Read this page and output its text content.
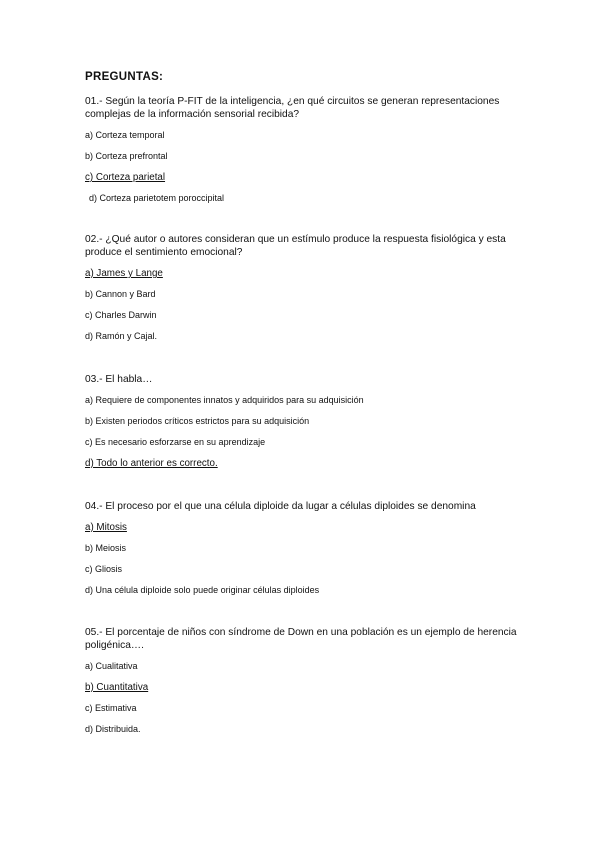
PREGUNTAS:

01.- Según la teoría P-FIT de la inteligencia, ¿en qué circuitos se generan representaciones complejas de la información sensorial recibida?

a) Corteza temporal
b) Corteza prefrontal
c) Corteza parietal
d) Corteza parietotem poroccipital

02.- ¿Qué autor o autores consideran que un estímulo produce la respuesta fisiológica y esta produce el sentimiento emocional?

a) James y Lange
b) Cannon y Bard
c) Charles Darwin
d) Ramón y Cajal.

03.- El habla…

a) Requiere de componentes innatos y adquiridos para su adquisición
b) Existen periodos críticos estrictos para su adquisición
c) Es necesario esforzarse en su aprendizaje
d) Todo lo anterior es correcto.

04.- El proceso por el que una célula diploide da lugar a células diploides se denomina

a) Mitosis
b) Meiosis
c) Gliosis
d) Una célula diploide solo puede originar células diploides

05.- El porcentaje de niños con síndrome de Down en una población es un ejemplo de herencia poligénica….

a) Cualitativa
b) Cuantitativa
c) Estimativa
d) Distribuida.
